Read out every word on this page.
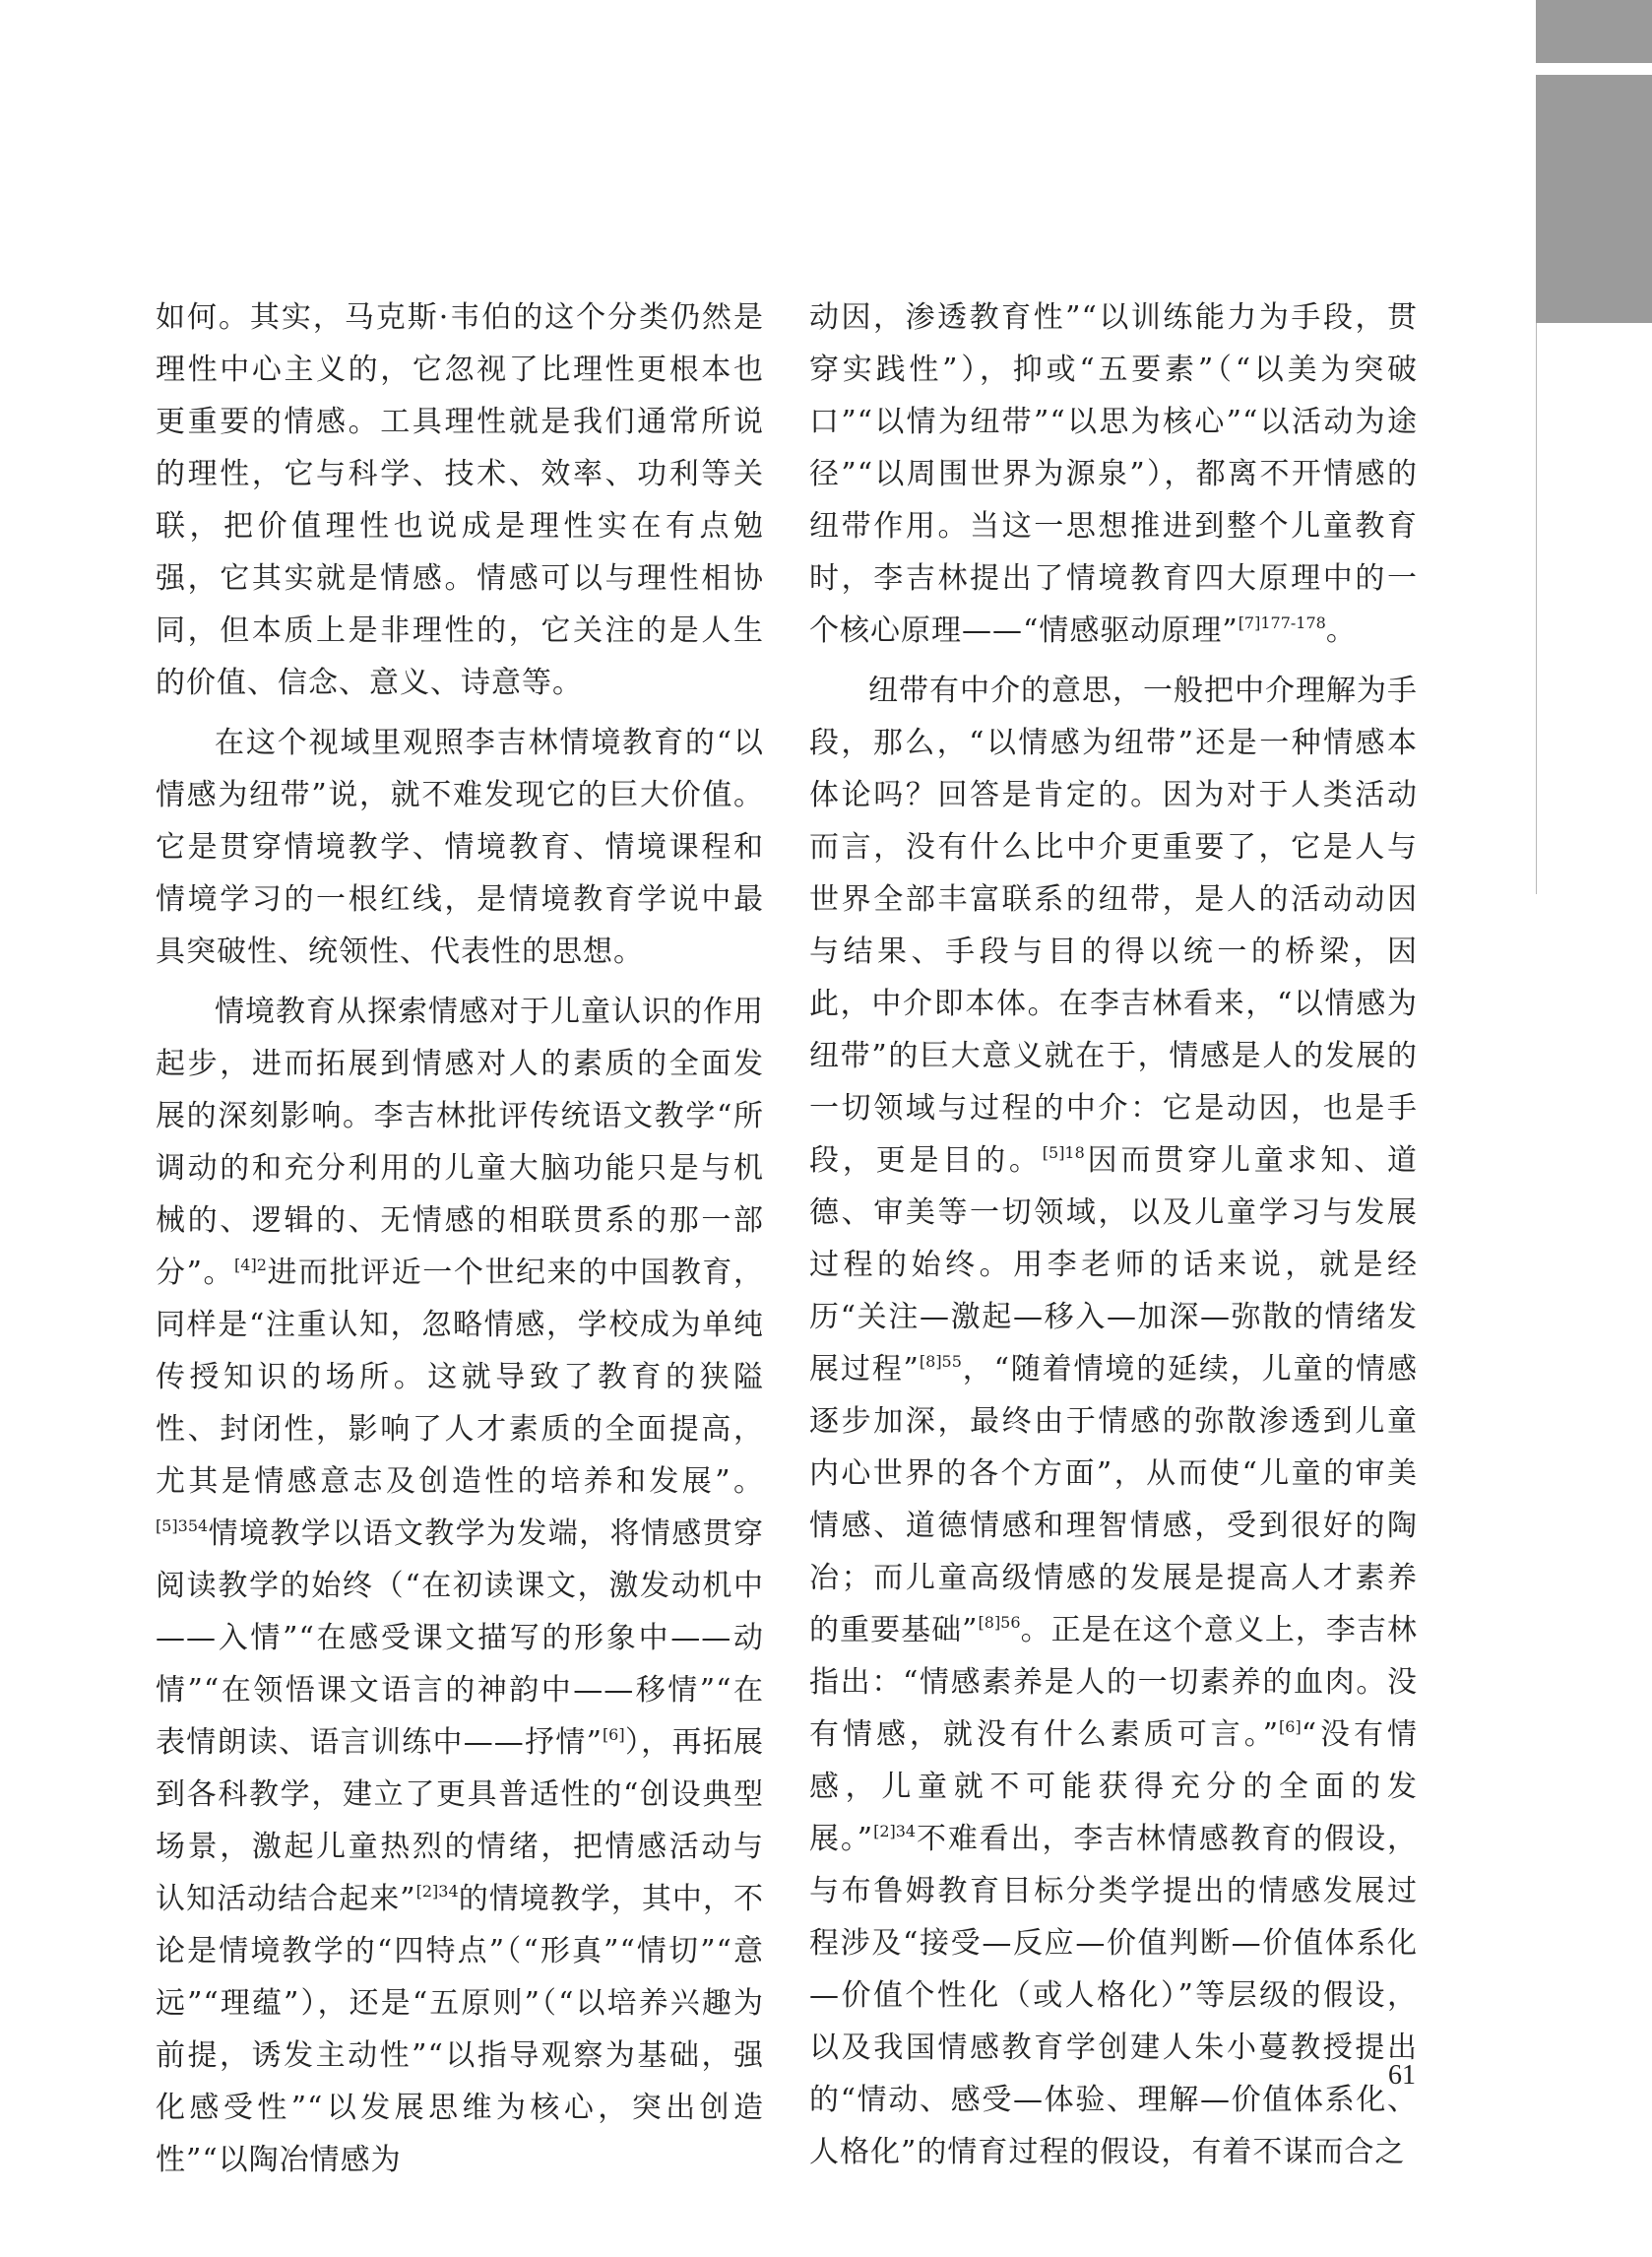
如何。其实，马克斯·韦伯的这个分类仍然是理性中心主义的，它忽视了比理性更根本也更重要的情感。工具理性就是我们通常所说的理性，它与科学、技术、效率、功利等关联，把价值理性也说成是理性实在有点勉强，它其实就是情感。情感可以与理性相协同，但本质上是非理性的，它关注的是人生的价值、信念、意义、诗意等。

在这个视域里观照李吉林情境教育的“以情感为纽带”说，就不难发现它的巨大价值。它是贯穿情境教学、情境教育、情境课程和情境学习的一根红线，是情境教育学说中最具突破性、统领性、代表性的思想。

情境教育从探索情感对于儿童认识的作用起步，进而拓展到情感对人的素质的全面发展的深刻影响。李吉林批评传统语文教学“所调动的和充分利用的儿童大脑功能只是与机械的、逻辑的、无情感的相联贯系的那一部分”。$^{[4]2}$进而批评近一个世纪来的中国教育，同样是“注重认知，忽略情感，学校成为单纯传授知识的场所。这就导致了教育的狭隘性、封闭性，影响了人才素质的全面提高，尤其是情感意志及创造性的培养和发展”。$^{[5]354}$情境教学以语文教学为发端，将情感贯穿阅读教学的始终（“在初读课文，激发动机中——入情”“在感受课文描写的形象中——动情”“在领悟课文语言的神韵中——移情”“在表情朗读、语言训练中——抒情”[6]），再拓展到各科教学，建立了更具普适性的“创设典型场景，激起儿童热烈的情绪，把情感活动与认知活动结合起来”$^{[2]34}$的情境教学，其中，不论是情境教学的“四特点”（“形真”“情切”“意远”“理蕴”），还是“五原则”（“以培养兴趣为前提，诱发主动性”“以指导观察为基础，强化感受性”“以发展思维为核心，突出创造性”“以陶冶情感为

动因，渗透教育性”“以训练能力为手段，贯穿实践性”），抑或“五要素”（“以美为突破口”“以情为纽带”“以思为核心”“以活动为途径”“以周围世界为源泉”），都离不开情感的纽带作用。当这一思想推进到整个儿童教育时，李吉林提出了情境教育四大原理中的一个核心原理——“情感驱动原理”$^{[7]177-178}$。

纽带有中介的意思，一般把中介理解为手段，那么，“以情感为纽带”还是一种情感本体论吗？回答是肯定的。因为对于人类活动而言，没有什么比中介更重要了，它是人与世界全部丰富联系的纽带，是人的活动动因与结果、手段与目的得以统一的桥梁，因此，中介即本体。在李吉林看来，“以情感为纽带”的巨大意义就在于，情感是人的发展的一切领域与过程的中介：它是动因，也是手段，更是目的。$^{[5]18}$因而贯穿儿童求知、道德、审美等一切领域，以及儿童学习与发展过程的始终。用李老师的话来说，就是经历“关注—激起—移入—加深—弥散的情绪发展过程”$^{[8]55}$，“随着情境的延续，儿童的情感逐步加深，最终由于情感的弥散渗透到儿童内心世界的各个方面”，从而使“儿童的审美情感、道德情感和理智情感，受到很好的陶冶；而儿童高级情感的发展是提高人才素养的重要基础”$^{[8]56}$。正是在这个意义上，李吉林指出：“情感素养是人的一切素养的血肉。没有情感，就没有什么素质可言。”[6]“没有情感，儿童就不可能获得充分的全面的发展。”$^{[2]34}$不难看出，李吉林情感教育的假设，与布鲁姆教育目标分类学提出的情感发展过程涉及“接受—反应—价值判断—价值体系化—价值个性化（或人格化）”等层级的假设，以及我国情感教育学创建人朱小蔓教授提出的“情动、感受—体验、理解—价值体系化、人格化”的情育过程的假设，有着不谋而合之

61
